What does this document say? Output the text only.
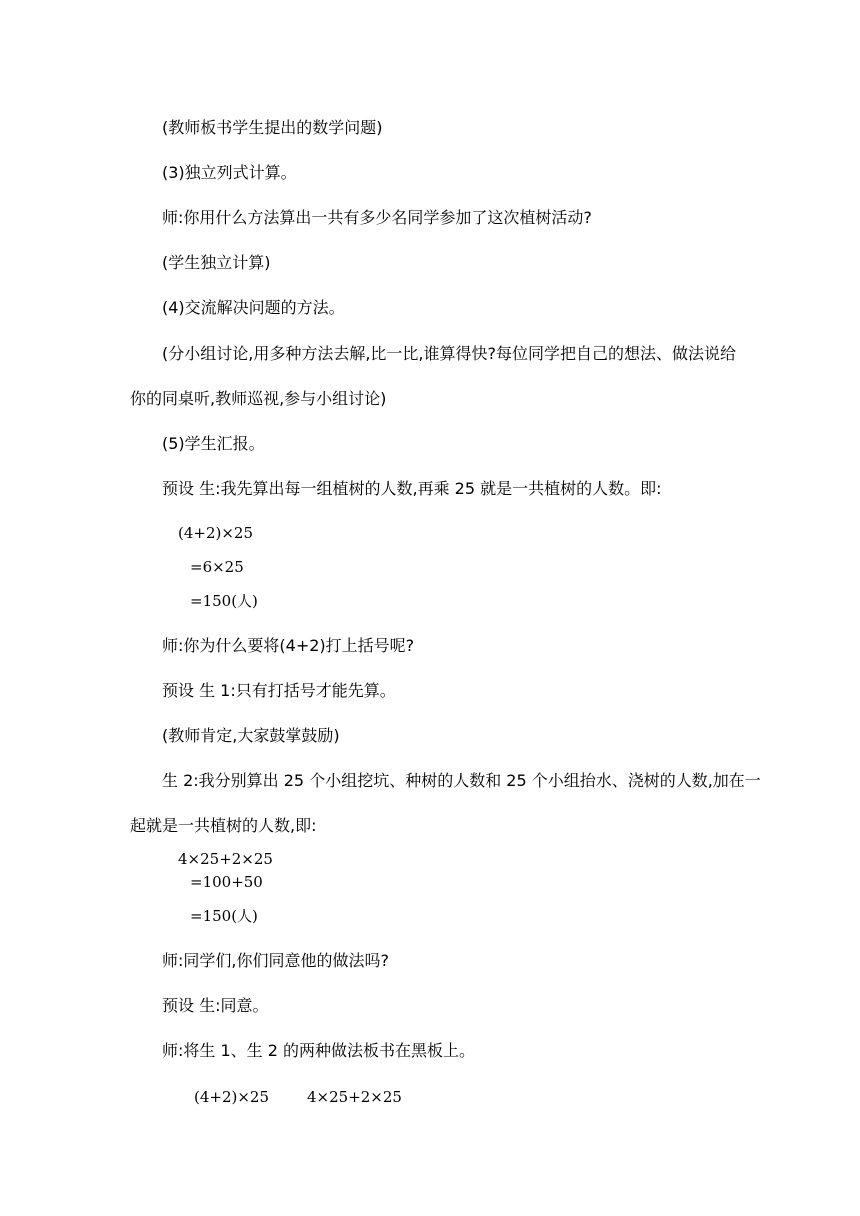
(教师板书学生提出的数学问题)
(3)独立列式计算。
师:你用什么方法算出一共有多少名同学参加了这次植树活动?
(学生独立计算)
(4)交流解决问题的方法。
(分小组讨论,用多种方法去解,比一比,谁算得快?每位同学把自己的想法、做法说给
你的同桌听,教师巡视,参与小组讨论)
(5)学生汇报。
预设 生:我先算出每一组植树的人数,再乘 25 就是一共植树的人数。即:
(4+2)×25
=6×25
=150(人)
师:你为什么要将(4+2)打上括号呢?
预设 生 1:只有打括号才能先算。
(教师肯定,大家鼓掌鼓励)
生 2:我分别算出 25 个小组挖坑、种树的人数和 25 个小组抬水、浇树的人数,加在一
起就是一共植树的人数,即:
4×25+2×25
=100+50
=150(人)
师:同学们,你们同意他的做法吗?
预设 生:同意。
师:将生 1、生 2 的两种做法板书在黑板上。
(4+2)×25	4×25+2×25
